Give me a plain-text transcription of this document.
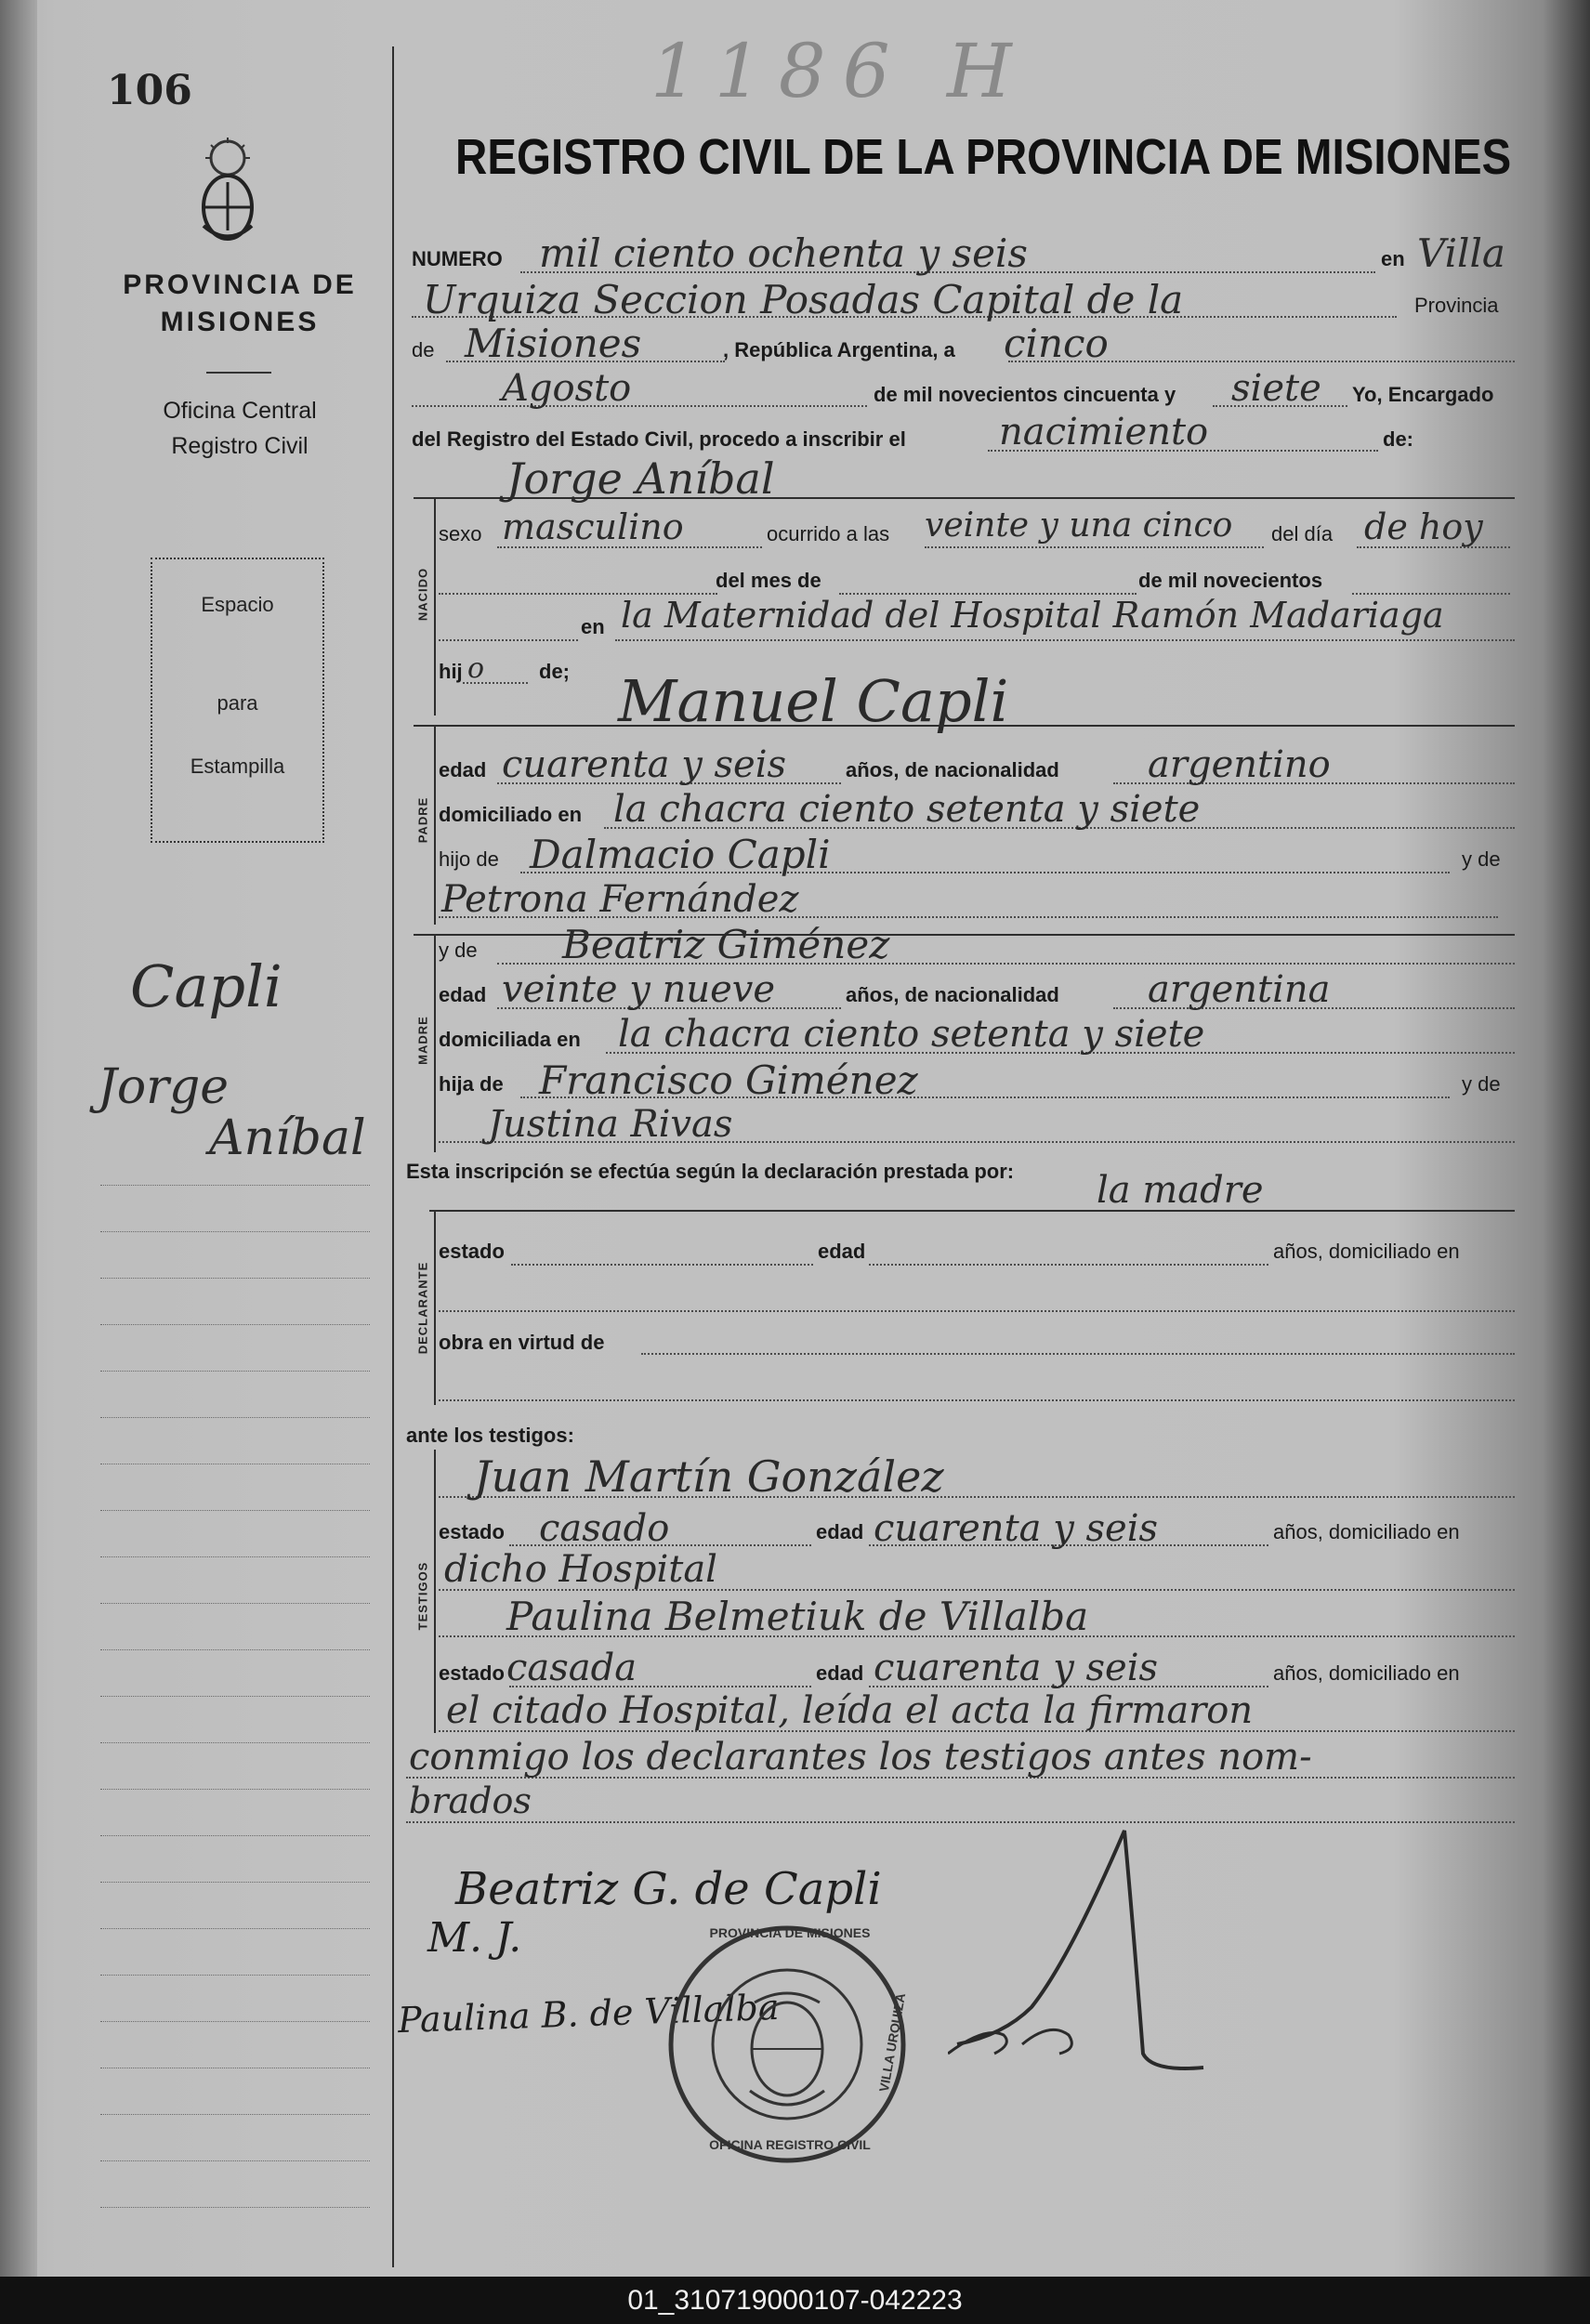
106	1186 H
PROVINCIA DE
MISIONES
Oficina Central
Registro Civil
Espacio
para
Estampilla
Capli
Jorge
Aníbal
REGISTRO CIVIL DE LA PROVINCIA DE MISIONES
NUMERO mil ciento ochenta y seis	en Villa
Urquiza Seccion Posadas Capital de la	Provincia
de Misiones	, República Argentina, a cinco
Agosto	de mil novecientos cincuenta y siete Yo, Encargado
del Registro del Estado Civil, procedo a inscribir el	nacimiento	de:
NACIDO
Jorge Aníbal
sexo masculino	ocurrido a las veinte y una cinco del día de hoy
del mes de	de mil novecientos
en la Maternidad del Hospital Ramón Madariaga
hij o	de; Manuel Capli
PADRE
edad cuarenta y seis	años, de nacionalidad argentino
domiciliado en la chacra ciento setenta y siete
hijo de Dalmacio Capli	y de
Petrona Fernández
MADRE
y de Beatriz Giménez
edad veinte y nueve	años, de nacionalidad argentina
domiciliada en la chacra ciento setenta y siete
hija de Francisco Giménez	y de
Justina Rivas
Esta inscripción se efectúa según la declaración prestada por: la madre
DECLARANTE
estado	edad	años, domiciliado en
obra en virtud de
ante los testigos:
TESTIGOS
Juan Martín González
estado casado	edad cuarenta y seis	años, domiciliado en
dicho Hospital
Paulina Belmetiuk de Villalba
estado casada	edad cuarenta y seis	años, domiciliado en
el citado Hospital, leída el acta la firmaron
conmigo los declarantes los testigos antes nom-
brados
Beatriz G. de Capli
M. J.
Paulina B. de Villalba
PROVINCIA DE MISIONES
OFICINA REGISTRO CIVIL
VILLA URQUIZA
01_310719000107-042223
